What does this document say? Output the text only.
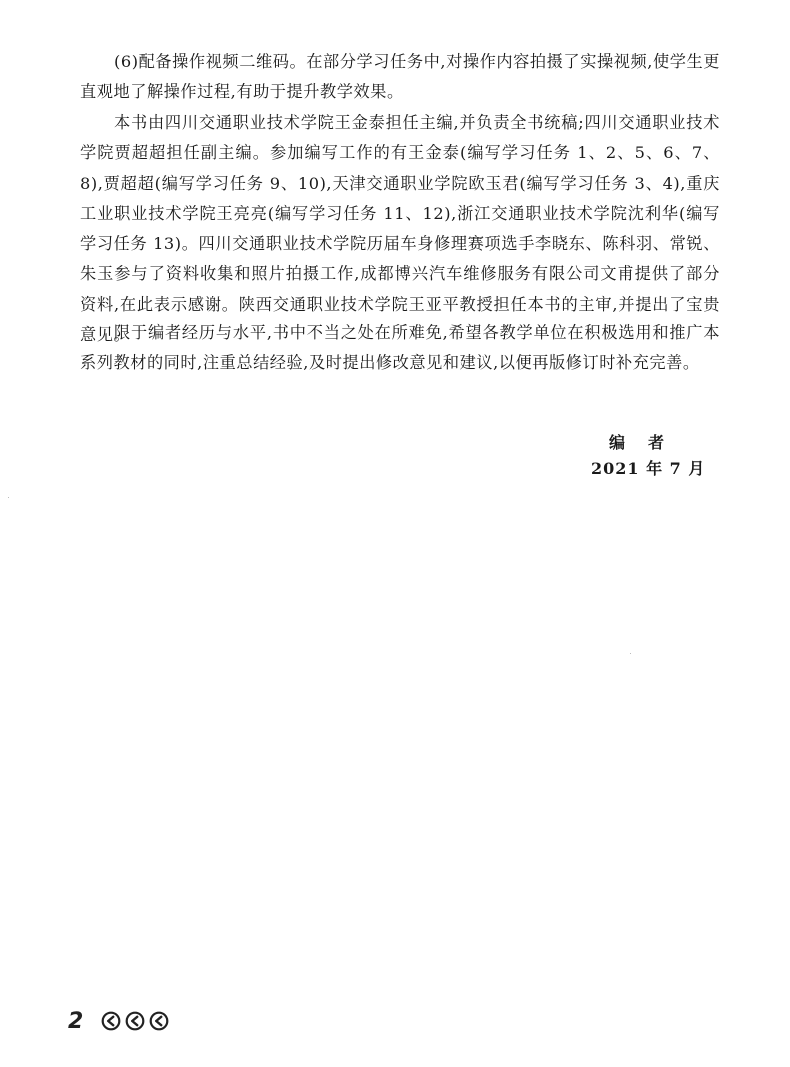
(6)配备操作视频二维码。在部分学习任务中,对操作内容拍摄了实操视频,使学生更直观地了解操作过程,有助于提升教学效果。

本书由四川交通职业技术学院王金泰担任主编,并负责全书统稿;四川交通职业技术学院贾超超担任副主编。参加编写工作的有王金泰(编写学习任务 1、2、5、6、7、8),贾超超(编写学习任务 9、10),天津交通职业学院欧玉君(编写学习任务 3、4),重庆工业职业技术学院王亮亮(编写学习任务 11、12),浙江交通职业技术学院沈利华(编写学习任务 13)。四川交通职业技术学院历届车身修理赛项选手李晓东、陈科羽、常锐、朱玉参与了资料收集和照片拍摄工作,成都博兴汽车维修服务有限公司文甫提供了部分资料,在此表示感谢。陕西交通职业技术学院王亚平教授担任本书的主审,并提出了宝贵意见。

限于编者经历与水平,书中不当之处在所难免,希望各教学单位在积极选用和推广本系列教材的同时,注重总结经验,及时提出修改意见和建议,以便再版修订时补充完善。

编 者
2021 年 7 月
2
